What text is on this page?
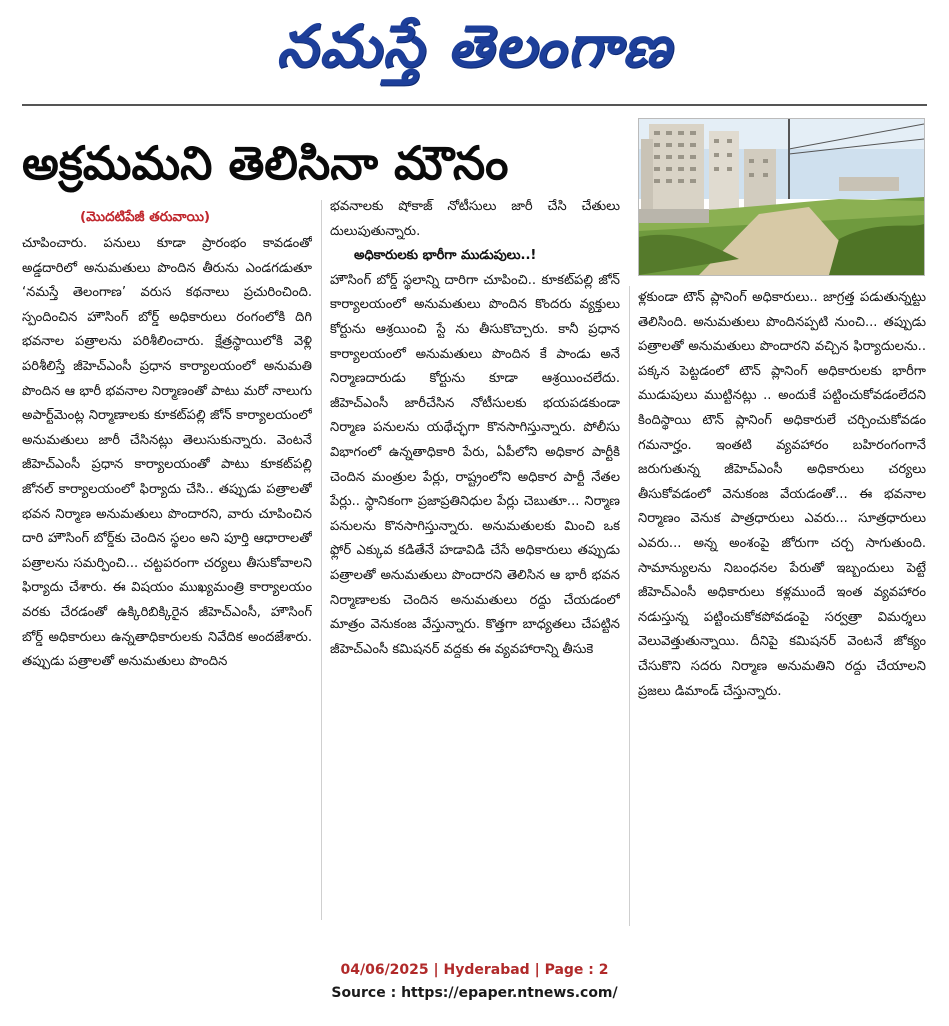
నమస్తే తెలంగాణ
అక్రమమని తెలిసినా మౌనం
(మొదటిపేజీ తరువాయి)

చూపించారు. పనులు కూడా ప్రారంభం కావడంతో అడ్డదారిలో అనుమతులు పొందిన తీరును ఎండగడుతూ ‘నమస్తే తెలంగాణ’ వరుస కథనాలు ప్రచురించింది. స్పందించిన హౌసింగ్ బోర్డ్ అధికారులు రంగంలోకి దిగి భవనాల పత్రాలను పరిశీలించారు. క్షేత్రస్థాయిలోకి వెళ్లి పరిశీలిస్తే జీహెచ్ఎంసీ ప్రధాన కార్యాలయంలో అనుమతి పొందిన ఆ భారీ భవనాల నిర్మాణంతో పాటు మరో నాలుగు అపార్ట్‌మెంట్ల నిర్మాణాలకు కూకట్‌పల్లి జోన్ కార్యాలయంలో అనుమతులు జారీ చేసినట్లు తెలుసుకున్నారు. వెంటనే జీహెచ్ఎంసీ ప్రధాన కార్యాలయంతో పాటు కూకట్‌పల్లి జోనల్ కార్యాలయంలో ఫిర్యాదు చేసి.. తప్పుడు పత్రాలతో భవన నిర్మాణ అనుమతులు పొందారని, వారు చూపించిన దారి హౌసింగ్ బోర్డ్‌కు చెందిన స్థలం అని పూర్తి ఆధారాలతో పత్రాలను సమర్పించి... చట్టపరంగా చర్యలు తీసుకోవాలని ఫిర్యాదు చేశారు. ఈ విషయం ముఖ్యమంత్రి కార్యాలయం వరకు చేరడంతో ఉక్కిరిబిక్కిరైన జీహెచ్ఎంసీ, హౌసింగ్ బోర్డ్ అధికారులు ఉన్నతాధికారులకు నివేదిక అందజేశారు. తప్పుడు పత్రాలతో అనుమతులు పొందిన

భవనాలకు షోకాజ్ నోటీసులు జారీ చేసి చేతులు దులుపుతున్నారు.

అధికారులకు భారీగా ముడుపులు..!

హౌసింగ్ బోర్డ్ స్థలాన్ని దారిగా చూపించి.. కూకట్‌పల్లి జోన్ కార్యాలయంలో అనుమతులు పొందిన కొందరు వ్యక్తులు కోర్టును ఆశ్రయించి స్టే ను తీసుకొచ్చారు. కానీ ప్రధాన కార్యాలయంలో అనుమతులు పొందిన కే పాండు అనే నిర్మాణదారుడు కోర్టును కూడా ఆశ్రయించలేదు. జీహెచ్ఎంసీ జారీచేసిన నోటీసులకు భయపడకుండా నిర్మాణ పనులను యథేచ్ఛగా కొనసాగిస్తున్నారు. పోలీసు విభాగంలో ఉన్నతాధికారి పేరు, ఏపీలోని అధికార పార్టీకి చెందిన మంత్రుల పేర్లు, రాష్ట్రంలోని అధికార పార్టీ నేతల పేర్లు.. స్థానికంగా ప్రజాప్రతినిధుల పేర్లు చెబుతూ... నిర్మాణ పనులను కొనసాగిస్తున్నారు. అనుమతులకు మించి ఒక ఫ్లోర్ ఎక్కువ కడితేనే హడావిడి చేసే అధికారులు తప్పుడు పత్రాలతో అనుమతులు పొందారని తెలిసిన ఆ భారీ భవన నిర్మాణాలకు చెందిన అనుమతులు రద్దు చేయడంలో మాత్రం వెనుకంజ వేస్తున్నారు. కొత్తగా బాధ్యతలు చేపట్టిన జీహెచ్ఎంసీ కమిషనర్ వద్దకు ఈ వ్యవహారాన్ని తీసుకె

ళ్లకుండా టౌన్ ప్లానింగ్ అధికారులు.. జాగ్రత్త పడుతున్నట్టు తెలిసింది. అనుమతులు పొందినప్పటి నుంచి... తప్పుడు పత్రాలతో అనుమతులు పొందారని వచ్చిన ఫిర్యాదులను.. పక్కన పెట్టడంలో టౌన్ ప్లానింగ్ అధికారులకు భారీగా ముడుపులు ముట్టినట్లు .. అందుకే పట్టించుకోవడంలేదని కిందిస్థాయి టౌన్ ప్లానింగ్ అధికారులే చర్చించుకోవడం గమనార్హం. ఇంతటి వ్యవహారం బహిరంగంగానే జరుగుతున్న జీహెచ్ఎంసీ అధికారులు చర్యలు తీసుకోవడంలో వెనుకంజ వేయడంతో... ఈ భవనాల నిర్మాణం వెనుక పాత్రధారులు ఎవరు... సూత్రధారులు ఎవరు... అన్న అంశంపై జోరుగా చర్చ సాగుతుంది. సామాన్యులను నిబంధనల పేరుతో ఇబ్బందులు పెట్టే జీహెచ్ఎంసీ అధికారులు కళ్లముందే ఇంత వ్యవహారం నడుస్తున్న పట్టించుకోకపోవడంపై సర్వత్రా విమర్శలు వెలువెత్తుతున్నాయి. దీనిపై కమిషనర్ వెంటనే జోక్యం చేసుకొని సదరు నిర్మాణ అనుమతిని రద్దు చేయాలని ప్రజలు డిమాండ్ చేస్తున్నారు.

04/06/2025 | Hyderabad | Page : 2
Source : https://epaper.ntnews.com/
